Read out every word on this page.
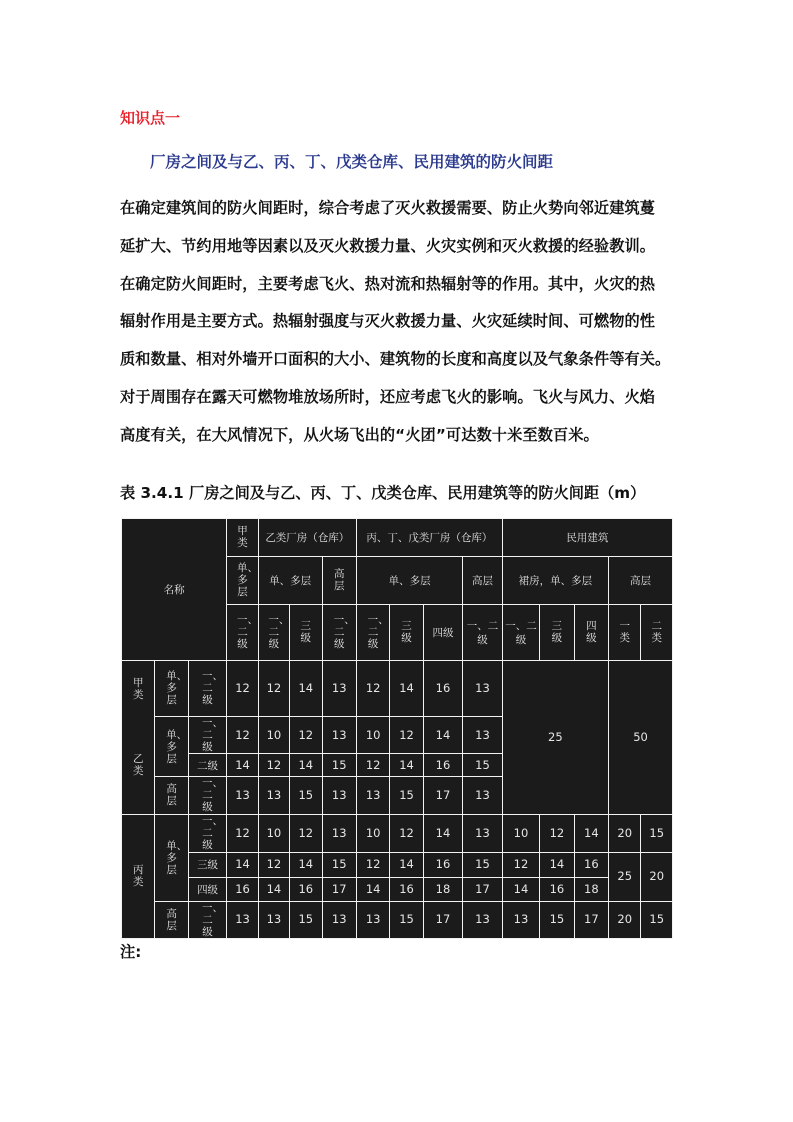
知识点一
厂房之间及与乙、丙、丁、戊类仓库、民用建筑的防火间距
在确定建筑间的防火间距时，综合考虑了灭火救援需要、防止火势向邻近建筑蔓
延扩大、节约用地等因素以及灭火救援力量、火灾实例和灭火救援的经验教训。
在确定防火间距时，主要考虑飞火、热对流和热辐射等的作用。其中，火灾的热
辐射作用是主要方式。热辐射强度与灭火救援力量、火灾延续时间、可燃物的性
质和数量、相对外墙开口面积的大小、建筑物的长度和高度以及气象条件等有关。
对于周围存在露天可燃物堆放场所时，还应考虑飞火的影响。飞火与风力、火焰
高度有关，在大风情况下，从火场飞出的“火团”可达数十米至数百米。
表 3.4.1 厂房之间及与乙、丙、丁、戊类仓库、民用建筑等的防火间距（m）
名称			甲类	乙类厂房（仓库）			丙、丁、戊类厂房（仓库）				民用建筑				
			单、多层	单、多层		高层	单、多层			高层	裙房，单、多层			高层	
			一、二级	一、二级	三级	一、二级	一、二级	三级	四级	一、二级	一、二级	三级	四级	一类	二类
甲类	单、多层	一、二级	12	12	14	13	12	14	16	13	25			50	
乙类	单、多层	一、二级	12	10	12	13	10	12	14	13					
		二级	14	12	14	15	12	14	16	15					
	高层	一、二级	13	13	15	13	13	15	17	13					
丙类	单、多层	一、二级	12	10	12	13	10	12	14	13	10	12	14	20	15
		三级	14	12	14	15	12	14	16	15	12	14	16	25	20
		四级	16	14	16	17	14	16	18	17	14	16	18		
	高层	一、二级	13	13	15	13	13	15	17	13	13	15	17	20	15
注:
